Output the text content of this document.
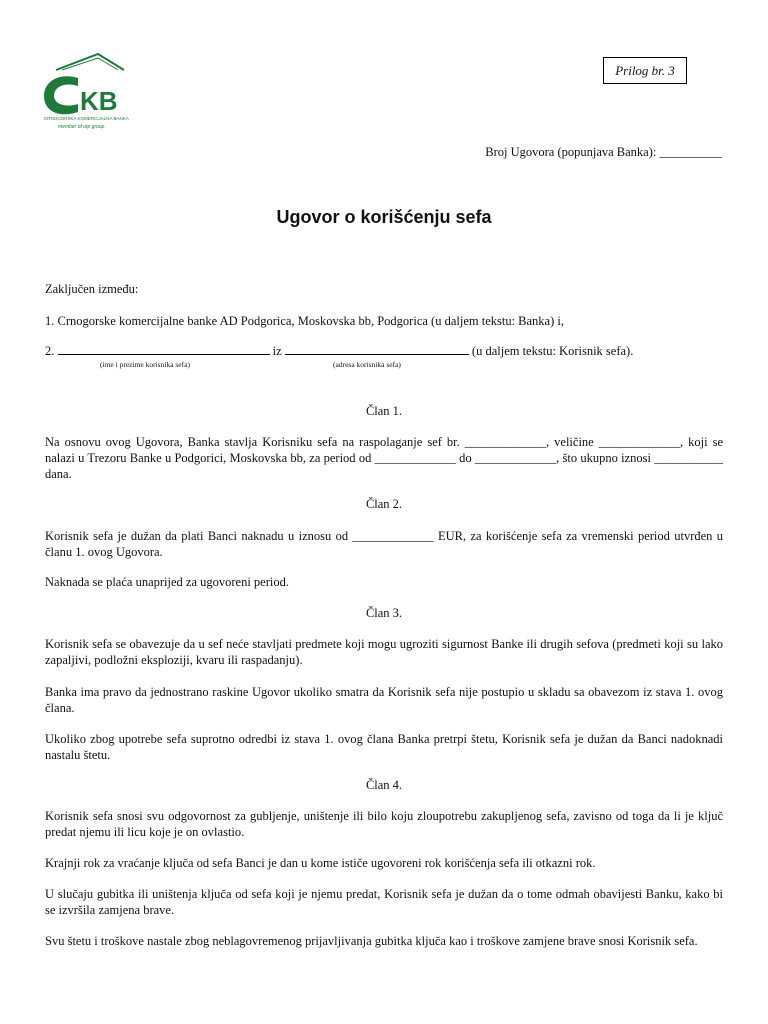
KB
CRNOGORSKA KOMERCIJALNA BANKA
member of otp group
Prilog br. 3
Broj Ugovora (popunjava Banka): __________
Ugovor o korišćenju sefa
Zaključen između:
1. Crnogorske komercijalne banke AD Podgorica, Moskovska bb, Podgorica (u daljem tekstu: Banka) i,
2.	iz	(u daljem tekstu: Korisnik sefa).
(ime i prezime korisnika sefa)	(adresa korisnika sefa)
Član 1.
Na osnovu ovog Ugovora, Banka stavlja Korisniku sefa na raspolaganje sef br. _____________, veličine _____________, koji se nalazi u Trezoru Banke u Podgorici, Moskovska bb, za period od _____________ do _____________, što ukupno iznosi ___________ dana.
Član 2.
Korisnik sefa je dužan da plati Banci naknadu u iznosu od _____________ EUR, za korišćenje sefa za vremenski period utvrđen u članu 1. ovog Ugovora.
Naknada se plaća unaprijed za ugovoreni period.
Član 3.
Korisnik sefa se obavezuje da u sef neće stavljati predmete koji mogu ugroziti sigurnost Banke ili drugih sefova (predmeti koji su lako zapaljivi, podložni eksploziji, kvaru ili raspadanju).
Banka ima pravo da jednostrano raskine Ugovor ukoliko smatra da Korisnik sefa nije postupio u skladu sa obavezom iz stava 1. ovog člana.
Ukoliko zbog upotrebe sefa suprotno odredbi iz stava 1. ovog člana Banka pretrpi štetu, Korisnik sefa je dužan da Banci nadoknadi nastalu štetu.
Član 4.
Korisnik sefa snosi svu odgovornost za gubljenje, uništenje ili bilo koju zloupotrebu zakupljenog sefa, zavisno od toga da li je ključ predat njemu ili licu koje je on ovlastio.
Krajnji rok za vraćanje ključa od sefa Banci je dan u kome ističe ugovoreni rok korišćenja sefa ili otkazni rok.
U slučaju gubitka ili uništenja ključa od sefa koji je njemu predat, Korisnik sefa je dužan da o tome odmah obavijesti Banku, kako bi se izvršila zamjena brave.
Svu štetu i troškove nastale zbog neblagovremenog prijavljivanja gubitka ključa kao i troškove zamjene brave snosi Korisnik sefa.
